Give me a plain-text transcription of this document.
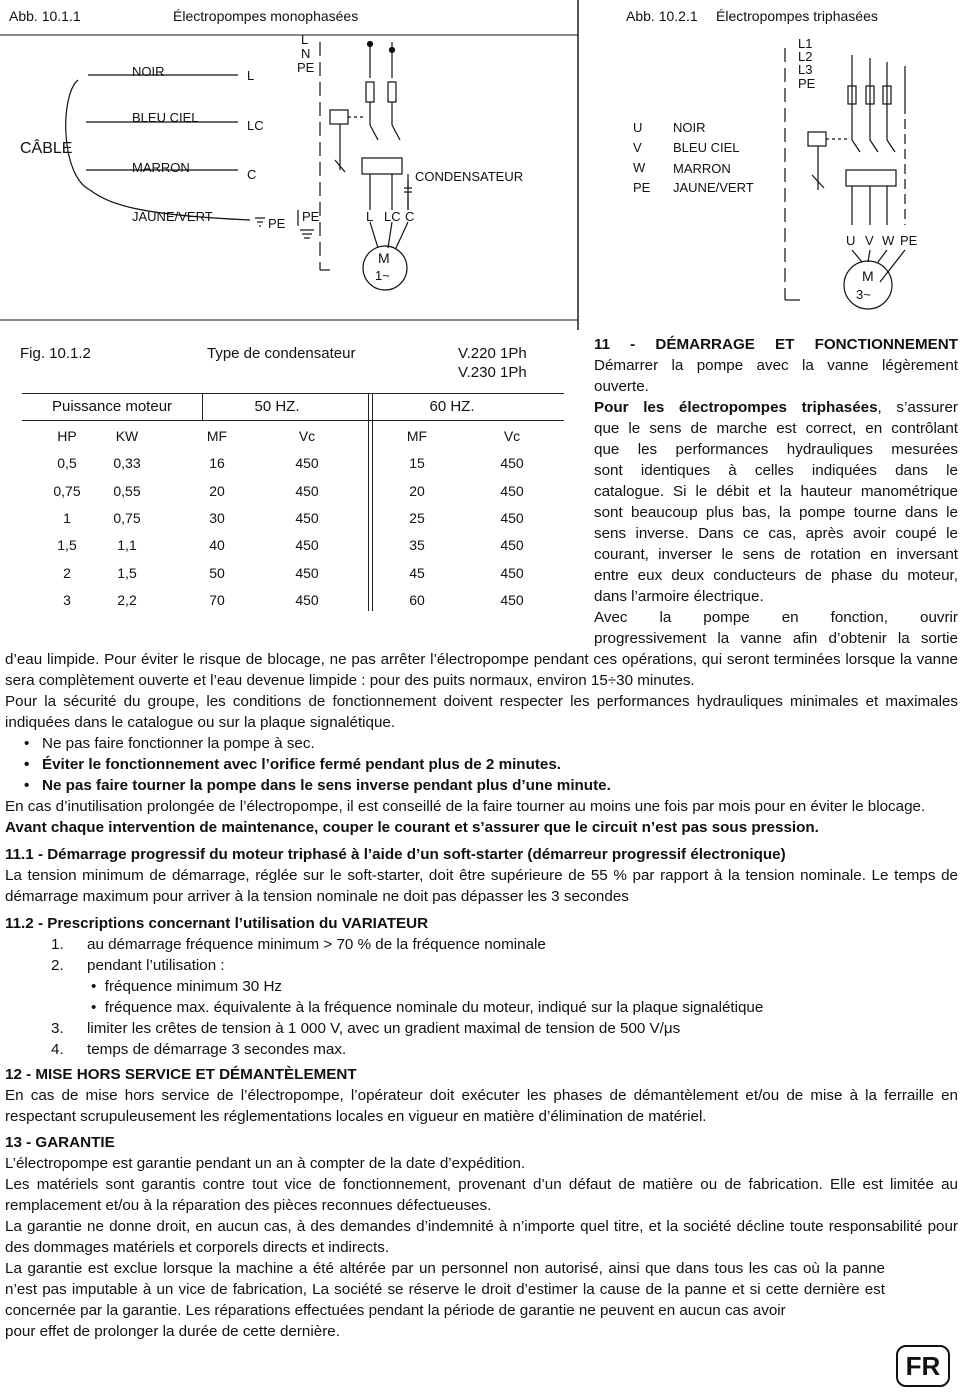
Abb. 10.1.1	Électropompes monophasées	Abb. 10.2.1 Électropompes triphasées
CÂBLE
NOIR
BLEU CIEL
MARRON
JAUNE/VERT
L
LC
C
L
N
PE
PE PE	L LC C
CONDENSATEUR
M
1~
U
V
W
PE
NOIR
BLEU CIEL
MARRON
JAUNE/VERT
L1
L2
L3
PE
U V W PE
M
3~
Fig. 10.1.2	Type de condensateur	V.220 1Ph
V.230 1Ph
Puissance moteur	50 HZ.	60 HZ.
HP	KW	MF	Vc	MF	Vc
0,5	0,33	16	450	15	450
0,75	0,55	20	450	20	450
1	0,75	30	450	25	450
1,5	1,1	40	450	35	450
2	1,5	50	450	45	450
3	2,2	70	450	60	450

11 - DÉMARRAGE ET FONCTIONNEMENT

Démarrer la pompe avec la vanne légèrement

ouverte.

Pour les électropompes triphasées, s’assurer

que le sens de marche est correct, en contrôlant

que les performances hydrauliques mesurées

sont identiques à celles indiquées dans le

catalogue. Si le débit et la hauteur manométrique

sont beaucoup plus bas, la pompe tourne dans le

sens inverse. Dans ce cas, après avoir coupé le

courant, inverser le sens de rotation en inversant

entre eux deux conducteurs de phase du moteur,

dans l’armoire électrique.

Avec la pompe en fonction, ouvrir

progressivement la vanne afin d’obtenir la sortie

d’eau limpide. Pour éviter le risque de blocage, ne pas arrêter l’électropompe pendant ces opérations, qui seront terminées lorsque la vanne sera complètement ouverte et l’eau devenue limpide : pour des puits normaux, environ 15÷30 minutes.

Pour la sécurité du groupe, les conditions de fonctionnement doivent respecter les performances hydrauliques minimales et maximales indiquées dans le catalogue ou sur la plaque signalétique.

•   Ne pas faire fonctionner la pompe à sec.

•   Éviter le fonctionnement avec l’orifice fermé pendant plus de 2 minutes.

•   Ne pas faire tourner la pompe dans le sens inverse pendant plus d’une minute.

En cas d’inutilisation prolongée de l’électropompe, il est conseillé de la faire tourner au moins une fois par mois pour en éviter le blocage.

Avant chaque intervention de maintenance, couper le courant et s’assurer que le circuit n’est pas sous pression.

11.1 - Démarrage progressif du moteur triphasé à l’aide d’un soft-starter (démarreur progressif électronique)

La tension minimum de démarrage, réglée sur le soft-starter, doit être supérieure de 55 % par rapport à la tension nominale. Le temps de démarrage maximum pour arriver à la tension nominale ne doit pas dépasser les 3 secondes

11.2 - Prescriptions concernant l’utilisation du VARIATEUR

1. au démarrage fréquence minimum > 70 % de la fréquence nominale

2. pendant l’utilisation :

•  fréquence minimum 30 Hz

•  fréquence max. équivalente à la fréquence nominale du moteur, indiqué sur la plaque signalétique

3. limiter les crêtes de tension à 1 000 V, avec un gradient maximal de tension de 500 V/μs

4. temps de démarrage 3 secondes max.

12 - MISE HORS SERVICE ET DÉMANTÈLEMENT

En cas de mise hors service de l’électropompe, l’opérateur doit exécuter les phases de démantèlement et/ou de mise à la ferraille en respectant scrupuleusement les réglementations locales en vigueur en matière d’élimination de matériel.

13 - GARANTIE

L’électropompe est garantie pendant un an à compter de la date d’expédition.

Les matériels sont garantis contre tout vice de fonctionnement, provenant d’un défaut de matière ou de fabrication. Elle est limitée au remplacement et/ou à la réparation des pièces reconnues défectueuses.

La garantie ne donne droit, en aucun cas, à des demandes d’indemnité à n’importe quel titre, et la société décline toute responsabilité pour des dommages matériels et corporels directs et indirects.

La garantie est exclue lorsque la machine a été altérée par un personnel non autorisé, ainsi que dans tous les cas où la panne n’est pas imputable à un vice de fabrication, La société se réserve le droit d’estimer la cause de la panne et si cette dernière est concernée par la garantie. Les réparations effectuées pendant la période de garantie ne peuvent en aucun cas avoir

pour effet de prolonger la durée de cette dernière.

FR
